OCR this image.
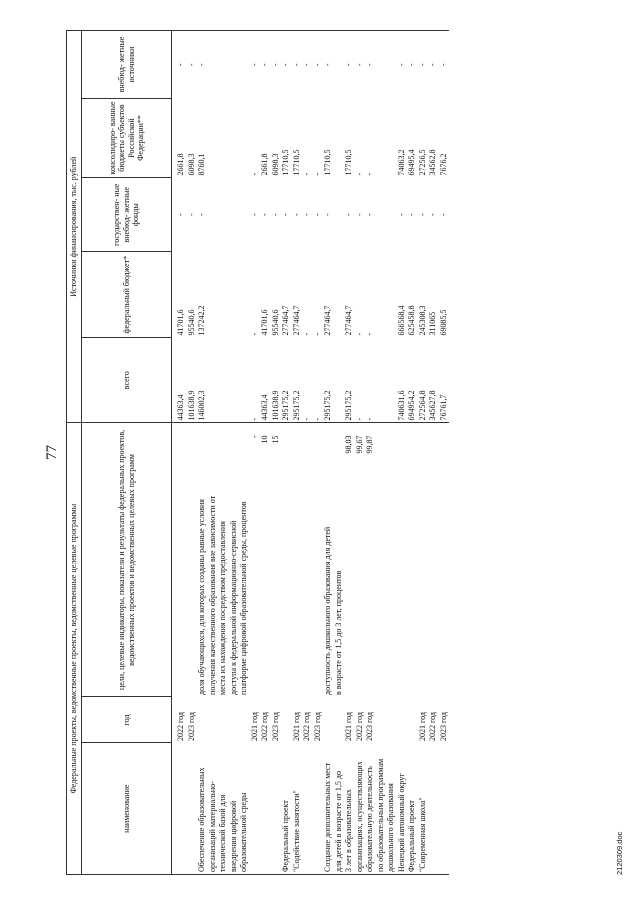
77
Федеральные проекты, ведомственные проекты, ведомственные целевые программы				Источники финансирования, тыс. рублей				
наименование	год	цели, целевые индикаторы, показатели и результаты федеральных проектов, ведомственных проектов и ведомственных целевых программ		всего	федеральный бюджет*	государствен- ные внебюд- жетные фонды	консолидиро- ванные бюджеты субъектов Российской Федерации**	внебюд- жетные источники
	2022 год			44363,4	41701,6	-	2661,8	-
	2023 год			101638,9	95540,6	-	6098,3	-
Обеспечение образовательных		доля обучающихся, для которых созданы равные условия		146002,3	137242,2	-	8760,1	-
организаций материально-		получения качественного образования вне зависимости от						
технической базой для		места их нахождения посредством предоставления						
внедрения цифровой		доступа к федеральной информационно-сервисной						
образовательной среды		платформе цифровой образовательной среды, процентов						
	2021 год		-	-	-	-	-	-
	2022 год		10	44363,4	41701,6	-	2661,8	-
	2023 год		15	101638,9	95540,6	-	6098,3	-
Федеральный проект				295175,2	277464,7	-	17710,5	-
"Содействие занятости"	2021 год			295175,2	277464,7	-	17710,5	-
	2022 год			-	-	-	-	-
	2023 год			-	-	-	-	-
Создание дополнительных мест		доступность дошкольного образования для детей		295175,2	277464,7	-	17710,5	-
для детей в возрасте от 1,5 до		в возрасте от 1,5 до 3 лет, процентов						
3 лет в образовательных	2021 год		98,03	295175,2	277464,7	-	17710,5	-
организациях, осуществляющих	2022 год		99,67	-	-	-	-	-
образовательную деятельность	2023 год		99,87	-	-	-	-	-
по образовательным программам								
дошкольного образования								
Ненецкий автономный округ				740631,6	666568,4	-	74063,2	-
Федеральный проект				694954,2	625458,8	-	69495,4	-
"Современная школа"	2021 год			272564,8	245308,3	-	27256,5	-
	2022 год			345627,8	311065	-	34562,8	-
	2023 год			76761,7	69085,5	-	7676,2	-
2120309.doc
